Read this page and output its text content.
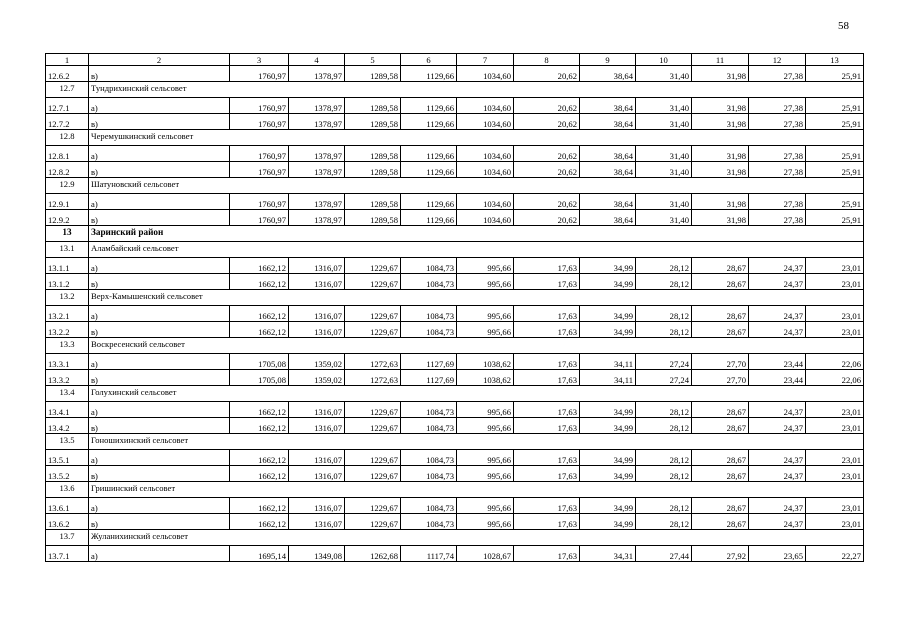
58
1	2	3	4	5	6	7	8	9	10	11	12	13
12.6.2	в)	1760,97	1378,97	1289,58	1129,66	1034,60	20,62	38,64	31,40	31,98	27,38	25,91
12.7	Тундрихинский сельсовет											
12.7.1	а)	1760,97	1378,97	1289,58	1129,66	1034,60	20,62	38,64	31,40	31,98	27,38	25,91
12.7.2	в)	1760,97	1378,97	1289,58	1129,66	1034,60	20,62	38,64	31,40	31,98	27,38	25,91
12.8	Черемушкинский сельсовет											
12.8.1	а)	1760,97	1378,97	1289,58	1129,66	1034,60	20,62	38,64	31,40	31,98	27,38	25,91
12.8.2	в)	1760,97	1378,97	1289,58	1129,66	1034,60	20,62	38,64	31,40	31,98	27,38	25,91
12.9	Шатуновский сельсовет											
12.9.1	а)	1760,97	1378,97	1289,58	1129,66	1034,60	20,62	38,64	31,40	31,98	27,38	25,91
12.9.2	в)	1760,97	1378,97	1289,58	1129,66	1034,60	20,62	38,64	31,40	31,98	27,38	25,91
13	Заринский район											
13.1	Аламбайский сельсовет											
13.1.1	а)	1662,12	1316,07	1229,67	1084,73	995,66	17,63	34,99	28,12	28,67	24,37	23,01
13.1.2	в)	1662,12	1316,07	1229,67	1084,73	995,66	17,63	34,99	28,12	28,67	24,37	23,01
13.2	Верх-Камышенский сельсовет											
13.2.1	а)	1662,12	1316,07	1229,67	1084,73	995,66	17,63	34,99	28,12	28,67	24,37	23,01
13.2.2	в)	1662,12	1316,07	1229,67	1084,73	995,66	17,63	34,99	28,12	28,67	24,37	23,01
13.3	Воскресенский сельсовет											
13.3.1	а)	1705,08	1359,02	1272,63	1127,69	1038,62	17,63	34,11	27,24	27,70	23,44	22,06
13.3.2	в)	1705,08	1359,02	1272,63	1127,69	1038,62	17,63	34,11	27,24	27,70	23,44	22,06
13.4	Голухинский сельсовет											
13.4.1	а)	1662,12	1316,07	1229,67	1084,73	995,66	17,63	34,99	28,12	28,67	24,37	23,01
13.4.2	в)	1662,12	1316,07	1229,67	1084,73	995,66	17,63	34,99	28,12	28,67	24,37	23,01
13.5	Гоношихинский сельсовет											
13.5.1	а)	1662,12	1316,07	1229,67	1084,73	995,66	17,63	34,99	28,12	28,67	24,37	23,01
13.5.2	в)	1662,12	1316,07	1229,67	1084,73	995,66	17,63	34,99	28,12	28,67	24,37	23,01
13.6	Гришинский сельсовет											
13.6.1	а)	1662,12	1316,07	1229,67	1084,73	995,66	17,63	34,99	28,12	28,67	24,37	23,01
13.6.2	в)	1662,12	1316,07	1229,67	1084,73	995,66	17,63	34,99	28,12	28,67	24,37	23,01
13.7	Жуланихинский сельсовет											
13.7.1	а)	1695,14	1349,08	1262,68	1117,74	1028,67	17,63	34,31	27,44	27,92	23,65	22,27
